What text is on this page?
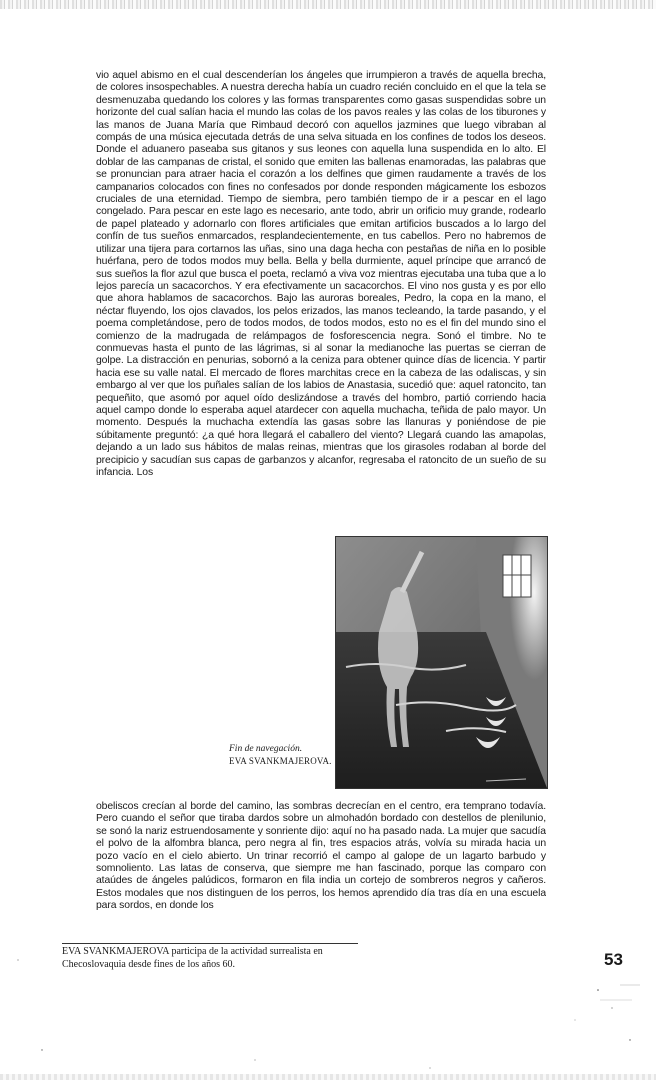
vio aquel abismo en el cual descenderían los ángeles que irrumpieron a través de aquella brecha, de colores insospechables. A nuestra derecha había un cuadro recién concluido en el que la tela se desmenuzaba quedando los colores y las formas transparentes como gasas suspendidas sobre un horizonte del cual salían hacia el mundo las colas de los pavos reales y las colas de los tiburones y las manos de Juana María que Rimbaud decoró con aquellos jazmines que luego vibraban al compás de una música ejecutada detrás de una selva situada en los confines de todos los deseos. Donde el aduanero paseaba sus gitanos y sus leones con aquella luna suspendida en lo alto. El doblar de las campanas de cristal, el sonido que emiten las ballenas enamoradas, las palabras que se pronuncian para atraer hacia el corazón a los delfines que gimen raudamente a través de los campanarios colocados con fines no confesados por donde responden mágicamente los esbozos cruciales de una eternidad. Tiempo de siembra, pero también tiempo de ir a pescar en el lago congelado. Para pescar en este lago es necesario, ante todo, abrir un orificio muy grande, rodearlo de papel plateado y adornarlo con flores artificiales que emitan artificios buscados a lo largo del confín de tus sueños enmarcados, resplandecientemente, en tus cabellos. Pero no habremos de utilizar una tijera para cortarnos las uñas, sino una daga hecha con pestañas de niña en lo posible huérfana, pero de todos modos muy bella. Bella y bella durmiente, aquel príncipe que arrancó de sus sueños la flor azul que busca el poeta, reclamó a viva voz mientras ejecutaba una tuba que a lo lejos parecía un sacacorchos. Y era efectivamente un sacacorchos. El vino nos gusta y es por ello que ahora hablamos de sacacorchos. Bajo las auroras boreales, Pedro, la copa en la mano, el néctar fluyendo, los ojos clavados, los pelos erizados, las manos tecleando, la tarde pasando, y el poema completándose, pero de todos modos, de todos modos, esto no es el fin del mundo sino el comienzo de la madrugada de relámpagos de fosforescencia negra. Sonó el timbre. No te conmuevas hasta el punto de las lágrimas, si al sonar la medianoche las puertas se cierran de golpe. La distracción en penurias, sobornó a la ceniza para obtener quince días de licencia. Y partir hacia ese su valle natal. El mercado de flores marchitas crece en la cabeza de las odaliscas, y sin embargo al ver que los puñales salían de los labios de Anastasia, sucedió que: aquel ratoncito, tan pequeñito, que asomó por aquel oído deslizándose a través del hombro, partió corriendo hacia aquel campo donde lo esperaba aquel atardecer con aquella muchacha, teñida de palo mayor. Un momento. Después la muchacha extendía las gasas sobre las llanuras y poniéndose de pie súbitamente preguntó: ¿a qué hora llegará el caballero del viento? Llegará cuando las amapolas, dejando a un lado sus hábitos de malas reinas, mientras que los girasoles rodaban al borde del precipicio y sacudían sus capas de garbanzos y alcanfor, regresaba el ratoncito de un sueño de su infancia. Los
Fin de navegación.
EVA SVANKMAJEROVA.
obeliscos crecían al borde del camino, las sombras decrecían en el centro, era temprano todavía. Pero cuando el señor que tiraba dardos sobre un almohadón bordado con destellos de plenilunio, se sonó la nariz estruendosamente y sonriente dijo: aquí no ha pasado nada. La mujer que sacudía el polvo de la alfombra blanca, pero negra al fin, tres espacios atrás, volvía su mirada hacia un pozo vacío en el cielo abierto. Un trinar recorrió el campo al galope de un lagarto barbudo y somnoliento. Las latas de conserva, que siempre me han fascinado, porque las comparo con ataúdes de ángeles palúdicos, formaron en fila india un cortejo de sombreros negros y cañeros. Estos modales que nos distinguen de los perros, los hemos aprendido día tras día en una escuela para sordos, en donde los
EVA SVANKMAJEROVA participa de la actividad surrealista en Checoslovaquia desde fines de los años 60.	53
